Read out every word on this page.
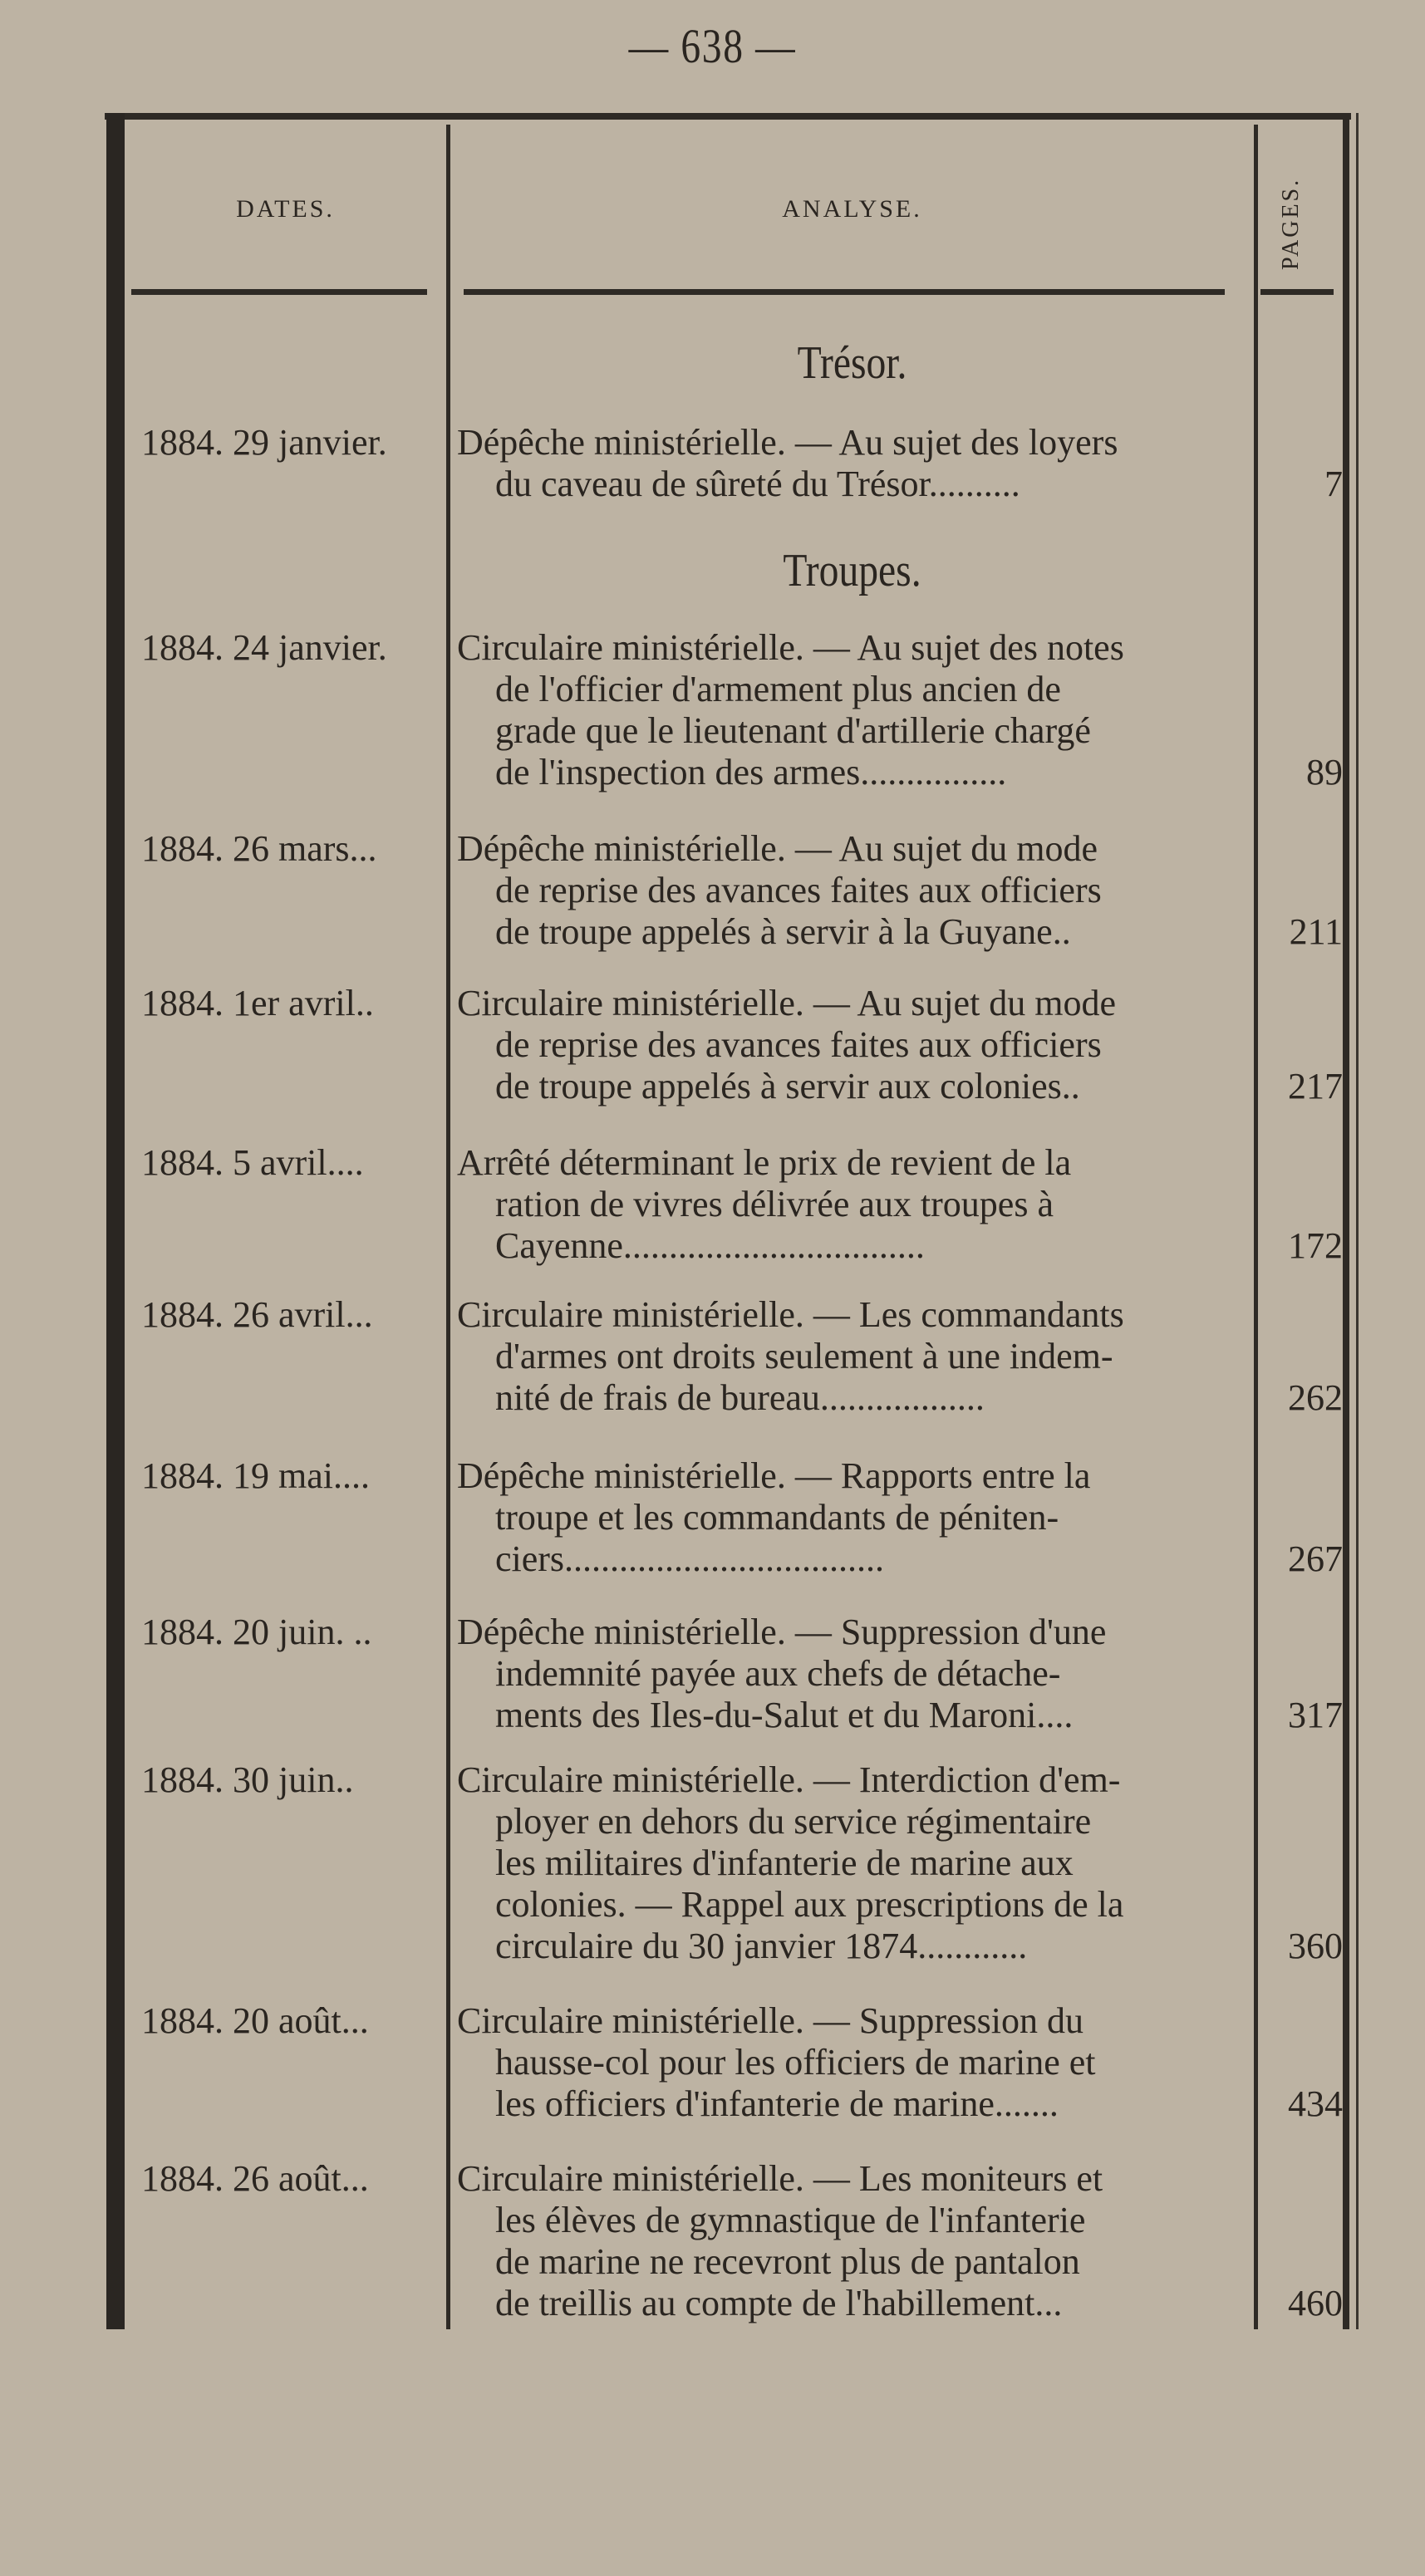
— 638 —
DATES.	ANALYSE.	PAGES.
Trésor.
1884. 29 janvier.	Dépêche ministérielle. — Au sujet des loyers
du caveau de sûreté du Trésor..........	7
Troupes.
1884. 24 janvier.	Circulaire ministérielle. — Au sujet des notes
de l'officier d'armement plus ancien de
grade que le lieutenant d'artillerie chargé
de l'inspection des armes................	89
1884. 26 mars...	Dépêche ministérielle. — Au sujet du mode
de reprise des avances faites aux officiers
de troupe appelés à servir à la Guyane..	211
1884. 1er avril..	Circulaire ministérielle. — Au sujet du mode
de reprise des avances faites aux officiers
de troupe appelés à servir aux colonies..	217
1884. 5 avril....	Arrêté déterminant le prix de revient de la
ration de vivres délivrée aux troupes à
Cayenne.................................	172
1884. 26 avril...	Circulaire ministérielle. — Les commandants
d'armes ont droits seulement à une indem-
nité de frais de bureau..................	262
1884. 19 mai....	Dépêche ministérielle. — Rapports entre la
troupe et les commandants de péniten-
ciers...................................	267
1884. 20 juin. ..	Dépêche ministérielle. — Suppression d'une
indemnité payée aux chefs de détache-
ments des Iles-du-Salut et du Maroni....	317
1884. 30 juin..	Circulaire ministérielle. — Interdiction d'em-
ployer en dehors du service régimentaire
les militaires d'infanterie de marine aux
colonies. — Rappel aux prescriptions de la
circulaire du 30 janvier 1874............	360
1884. 20 août...	Circulaire ministérielle. — Suppression du
hausse-col pour les officiers de marine et
les officiers d'infanterie de marine.......	434
1884. 26 août...	Circulaire ministérielle. — Les moniteurs et
les élèves de gymnastique de l'infanterie
de marine ne recevront plus de pantalon
de treillis au compte de l'habillement...	460
